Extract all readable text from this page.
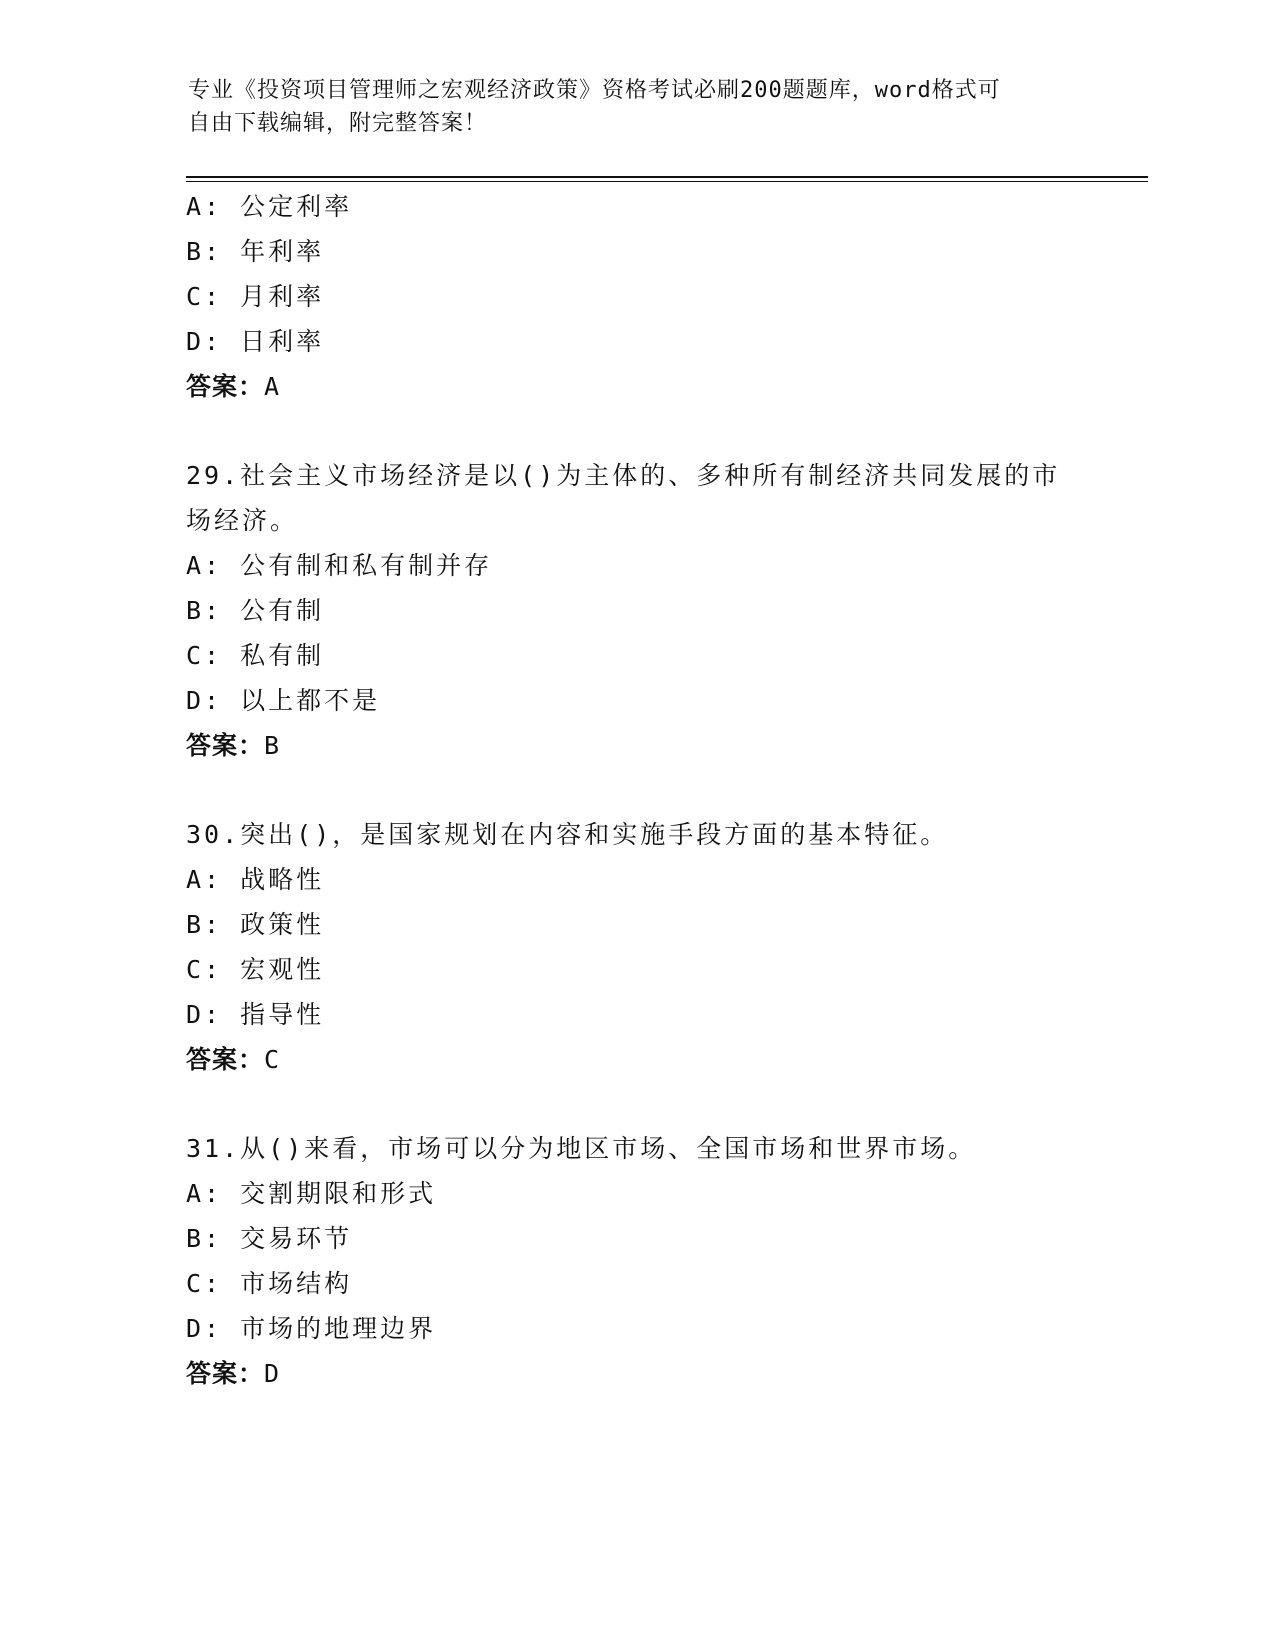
专业《投资项目管理师之宏观经济政策》资格考试必刷200题题库，word格式可
自由下载编辑，附完整答案！
A: 公定利率
B: 年利率
C: 月利率
D: 日利率
答案：A
29.社会主义市场经济是以()为主体的、多种所有制经济共同发展的市
场经济。
A: 公有制和私有制并存
B: 公有制
C: 私有制
D: 以上都不是
答案：B
30.突出()，是国家规划在内容和实施手段方面的基本特征。
A: 战略性
B: 政策性
C: 宏观性
D: 指导性
答案：C
31.从()来看，市场可以分为地区市场、全国市场和世界市场。
A: 交割期限和形式
B: 交易环节
C: 市场结构
D: 市场的地理边界
答案：D
